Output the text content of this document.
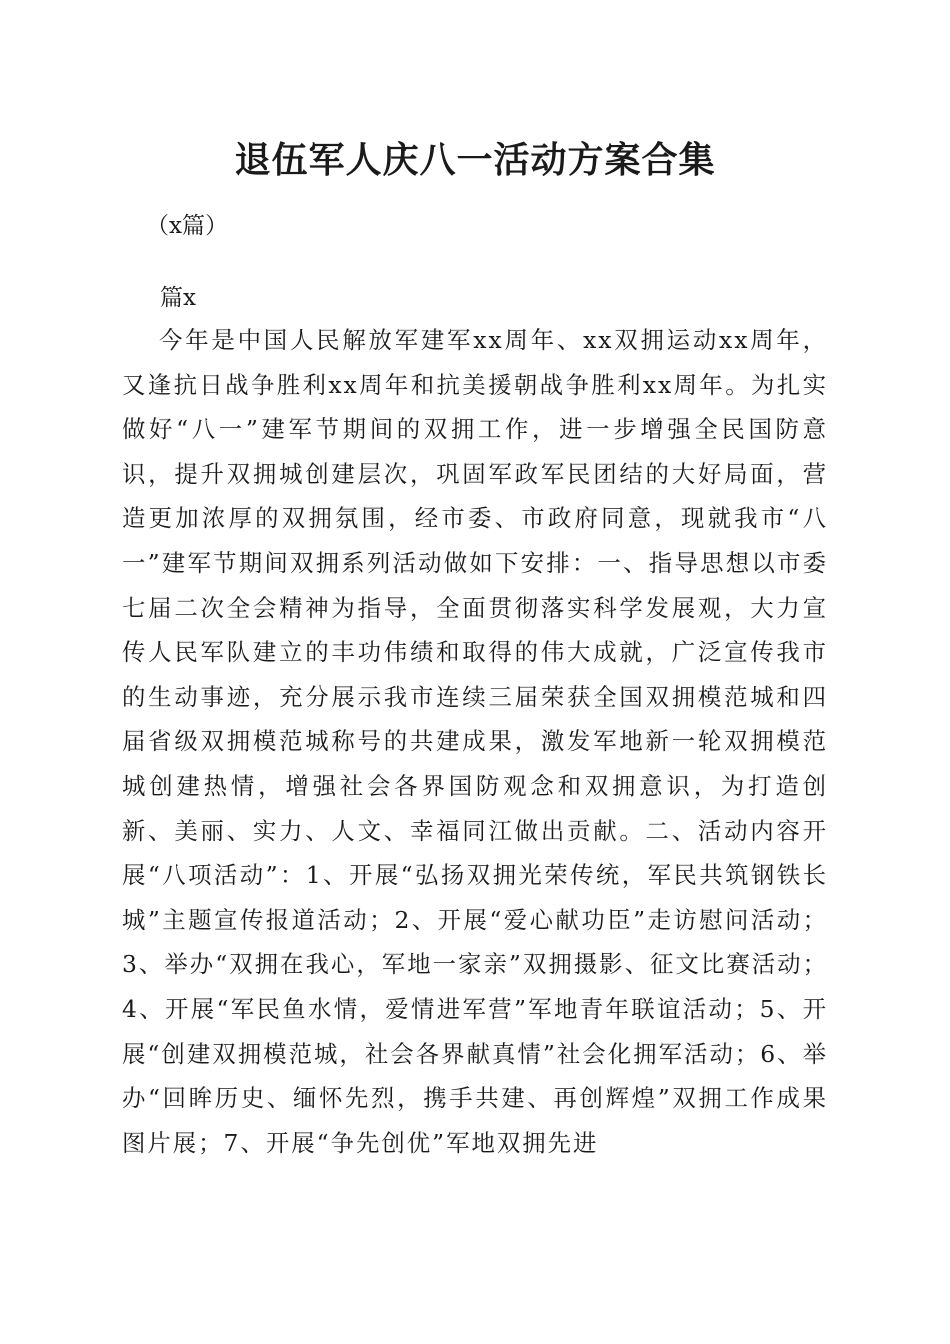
退伍军人庆八一活动方案合集

（x篇）

篇x

今年是中国人民解放军建军xx周年、xx双拥运动xx周年，又逢抗日战争胜利xx周年和抗美援朝战争胜利xx周年。为扎实做好“八一”建军节期间的双拥工作，进一步增强全民国防意识，提升双拥城创建层次，巩固军政军民团结的大好局面，营造更加浓厚的双拥氛围，经市委、市政府同意，现就我市“八一”建军节期间双拥系列活动做如下安排：一、指导思想以市委七届二次全会精神为指导，全面贯彻落实科学发展观，大力宣传人民军队建立的丰功伟绩和取得的伟大成就，广泛宣传我市的生动事迹，充分展示我市连续三届荣获全国双拥模范城和四届省级双拥模范城称号的共建成果，激发军地新一轮双拥模范城创建热情，增强社会各界国防观念和双拥意识，为打造创新、美丽、实力、人文、幸福同江做出贡献。二、活动内容开展“八项活动”：1、开展“弘扬双拥光荣传统，军民共筑钢铁长城”主题宣传报道活动；2、开展“爱心献功臣”走访慰问活动；3、举办“双拥在我心，军地一家亲”双拥摄影、征文比赛活动；4、开展“军民鱼水情，爱情进军营”军地青年联谊活动；5、开展“创建双拥模范城，社会各界献真情”社会化拥军活动；6、举办“回眸历史、缅怀先烈，携手共建、再创辉煌”双拥工作成果图片展；7、开展“争先创优”军地双拥先进
